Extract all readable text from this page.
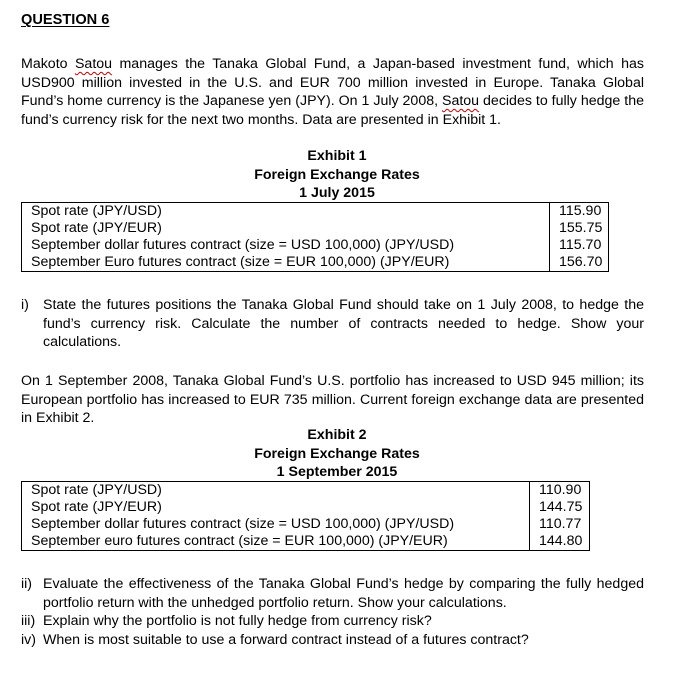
QUESTION 6

Makoto Satou manages the Tanaka Global Fund, a Japan-based investment fund, which has USD900 million invested in the U.S. and EUR 700 million invested in Europe. Tanaka Global Fund’s home currency is the Japanese yen (JPY). On 1 July 2008, Satou decides to fully hedge the fund’s currency risk for the next two months. Data are presented in Exhibit 1.

Exhibit 1
Foreign Exchange Rates
1 July 2015
Spot rate (JPY/USD)	115.90
Spot rate (JPY/EUR)	155.75
September dollar futures contract (size = USD 100,000) (JPY/USD)	115.70
September Euro futures contract (size = EUR 100,000) (JPY/EUR)	156.70
i) State the futures positions the Tanaka Global Fund should take on 1 July 2008, to hedge the fund’s currency risk. Calculate the number of contracts needed to hedge. Show your calculations.

On 1 September 2008, Tanaka Global Fund’s U.S. portfolio has increased to USD 945 million; its European portfolio has increased to EUR 735 million. Current foreign exchange data are presented in Exhibit 2.

Exhibit 2
Foreign Exchange Rates
1 September 2015
Spot rate (JPY/USD)	110.90
Spot rate (JPY/EUR)	144.75
September dollar futures contract (size = USD 100,000) (JPY/USD)	110.77
September euro futures contract (size = EUR 100,000) (JPY/EUR)	144.80
ii) Evaluate the effectiveness of the Tanaka Global Fund’s hedge by comparing the fully hedged portfolio return with the unhedged portfolio return. Show your calculations.
iii) Explain why the portfolio is not fully hedge from currency risk?
iv) When is most suitable to use a forward contract instead of a futures contract?
